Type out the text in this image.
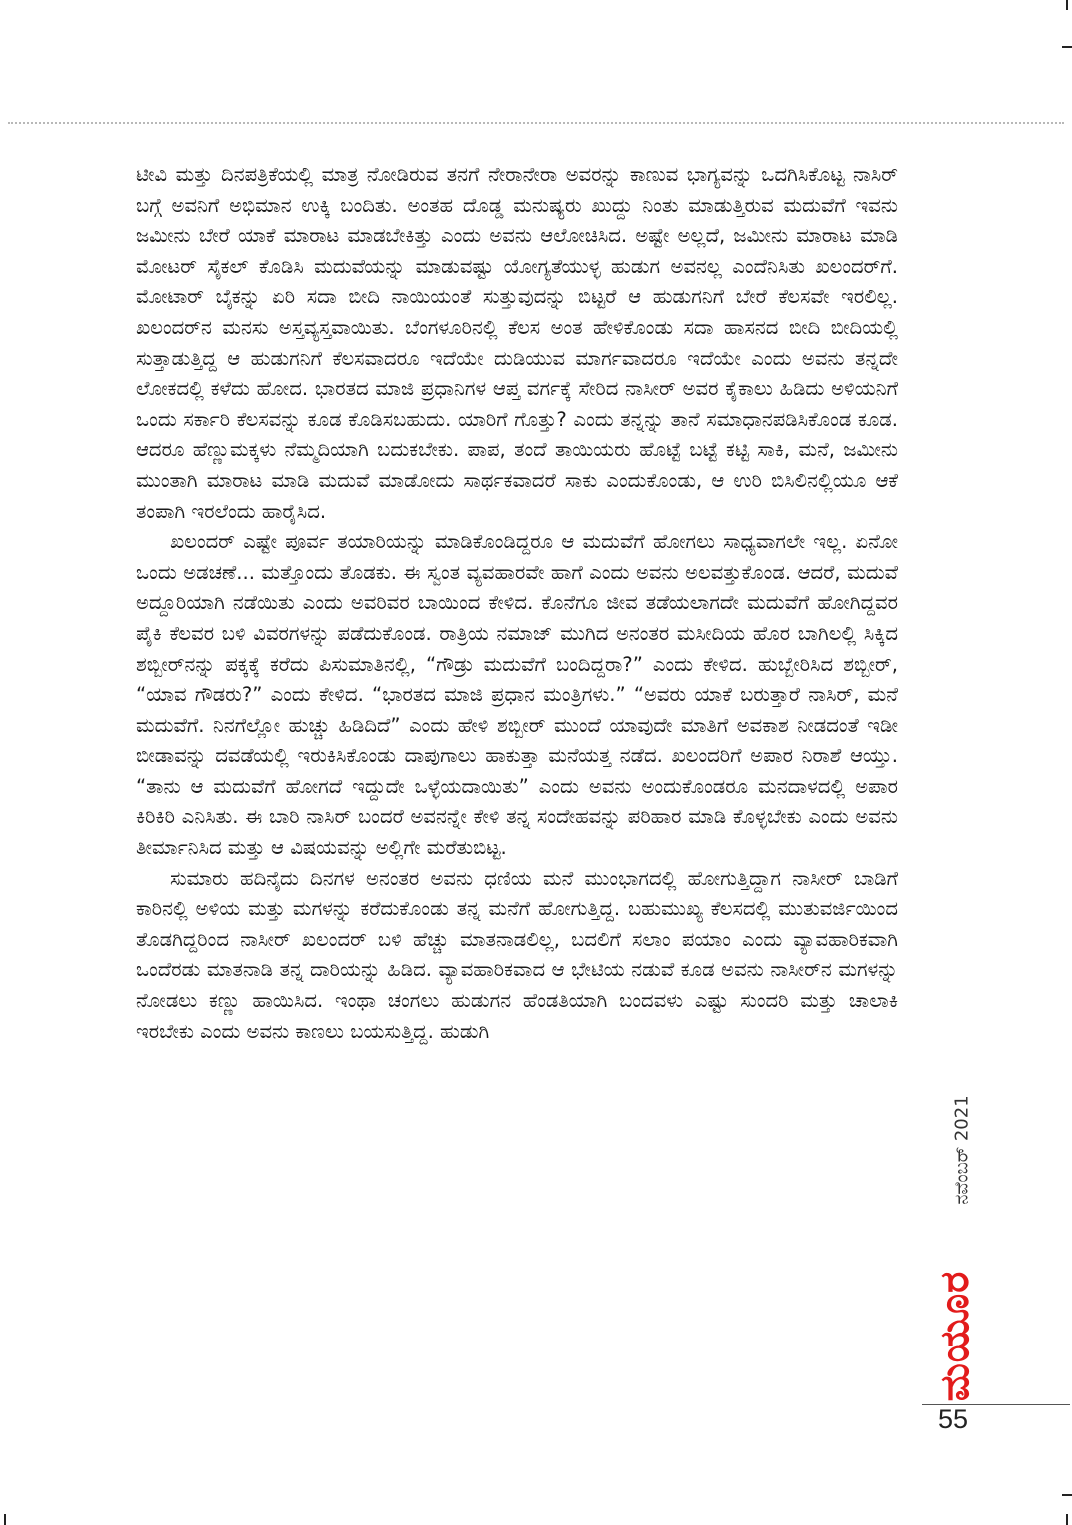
ಟೀವಿ ಮತ್ತು ದಿನಪತ್ರಿಕೆಯಲ್ಲಿ ಮಾತ್ರ ನೋಡಿರುವ ತನಗೆ ನೇರಾನೇರಾ ಅವರನ್ನು ಕಾಣುವ ಭಾಗ್ಯವನ್ನು ಒದಗಿಸಿಕೊಟ್ಟ ನಾಸಿರ್ ಬಗ್ಗೆ ಅವನಿಗೆ ಅಭಿಮಾನ ಉಕ್ಕಿ ಬಂದಿತು. ಅಂತಹ ದೊಡ್ಡ ಮನುಷ್ಯರು ಖುದ್ದು ನಿಂತು ಮಾಡುತ್ತಿರುವ ಮದುವೆಗೆ ಇವನು ಜಮೀನು ಬೇರೆ ಯಾಕೆ ಮಾರಾಟ ಮಾಡಬೇಕಿತ್ತು ಎಂದು ಅವನು ಆಲೋಚಿಸಿದ. ಅಷ್ಟೇ ಅಲ್ಲದೆ, ಜಮೀನು ಮಾರಾಟ ಮಾಡಿ ಮೋಟರ್ ಸೈಕಲ್ ಕೊಡಿಸಿ ಮದುವೆಯನ್ನು ಮಾಡುವಷ್ಟು ಯೋಗ್ಯತೆಯುಳ್ಳ ಹುಡುಗ ಅವನಲ್ಲ ಎಂದೆನಿಸಿತು ಖಲಂದರ್‌ಗೆ. ಮೋಟಾರ್ ಬೈಕನ್ನು ಏರಿ ಸದಾ ಬೀದಿ ನಾಯಿಯಂತೆ ಸುತ್ತುವುದನ್ನು ಬಿಟ್ಟರೆ ಆ ಹುಡುಗನಿಗೆ ಬೇರೆ ಕೆಲಸವೇ ಇರಲಿಲ್ಲ. ಖಲಂದರ್‌ನ ಮನಸು ಅಸ್ತವ್ಯಸ್ತವಾಯಿತು. ಬೆಂಗಳೂರಿನಲ್ಲಿ ಕೆಲಸ ಅಂತ ಹೇಳಿಕೊಂಡು ಸದಾ ಹಾಸನದ ಬೀದಿ ಬೀದಿಯಲ್ಲಿ ಸುತ್ತಾಡುತ್ತಿದ್ದ ಆ ಹುಡುಗನಿಗೆ ಕೆಲಸವಾದರೂ ಇದೆಯೇ ದುಡಿಯುವ ಮಾರ್ಗವಾದರೂ ಇದೆಯೇ ಎಂದು ಅವನು ತನ್ನದೇ ಲೋಕದಲ್ಲಿ ಕಳೆದು ಹೋದ. ಭಾರತದ ಮಾಜಿ ಪ್ರಧಾನಿಗಳ ಆಪ್ತ ವರ್ಗಕ್ಕೆ ಸೇರಿದ ನಾಸೀರ್ ಅವರ ಕೈಕಾಲು ಹಿಡಿದು ಅಳಿಯನಿಗೆ ಒಂದು ಸರ್ಕಾರಿ ಕೆಲಸವನ್ನು ಕೂಡ ಕೊಡಿಸಬಹುದು. ಯಾರಿಗೆ ಗೊತ್ತು? ಎಂದು ತನ್ನನ್ನು ತಾನೆ ಸಮಾಧಾನಪಡಿಸಿಕೊಂಡ ಕೂಡ. ಆದರೂ ಹೆಣ್ಣುಮಕ್ಕಳು ನೆಮ್ಮದಿಯಾಗಿ ಬದುಕಬೇಕು. ಪಾಪ, ತಂದೆ ತಾಯಿಯರು ಹೊಟ್ಟೆ ಬಟ್ಟೆ ಕಟ್ಟಿ ಸಾಕಿ, ಮನೆ, ಜಮೀನು ಮುಂತಾಗಿ ಮಾರಾಟ ಮಾಡಿ ಮದುವೆ ಮಾಡೋದು ಸಾರ್ಥಕವಾದರೆ ಸಾಕು ಎಂದುಕೊಂಡು, ಆ ಉರಿ ಬಿಸಿಲಿನಲ್ಲಿಯೂ ಆಕೆ ತಂಪಾಗಿ ಇರಲೆಂದು ಹಾರೈಸಿದ.

ಖಲಂದರ್ ಎಷ್ಟೇ ಪೂರ್ವ ತಯಾರಿಯನ್ನು ಮಾಡಿಕೊಂಡಿದ್ದರೂ ಆ ಮದುವೆಗೆ ಹೋಗಲು ಸಾಧ್ಯವಾಗಲೇ ಇಲ್ಲ. ಏನೋ ಒಂದು ಅಡಚಣೆ... ಮತ್ತೊಂದು ತೊಡಕು. ಈ ಸ್ವಂತ ವ್ಯವಹಾರವೇ ಹಾಗೆ ಎಂದು ಅವನು ಅಲವತ್ತುಕೊಂಡ. ಆದರೆ, ಮದುವೆ ಅದ್ದೂರಿಯಾಗಿ ನಡೆಯಿತು ಎಂದು ಅವರಿವರ ಬಾಯಿಂದ ಕೇಳಿದ. ಕೊನೆಗೂ ಜೀವ ತಡೆಯಲಾಗದೇ ಮದುವೆಗೆ ಹೋಗಿದ್ದವರ ಪೈಕಿ ಕೆಲವರ ಬಳಿ ವಿವರಗಳನ್ನು ಪಡೆದುಕೊಂಡ. ರಾತ್ರಿಯ ನಮಾಜ್ ಮುಗಿದ ಅನಂತರ ಮಸೀದಿಯ ಹೊರ ಬಾಗಿಲಲ್ಲಿ ಸಿಕ್ಕಿದ ಶಬ್ಬೀರ್‌ನನ್ನು ಪಕ್ಕಕ್ಕೆ ಕರೆದು ಪಿಸುಮಾತಿನಲ್ಲಿ, “ಗೌಡ್ರು ಮದುವೆಗೆ ಬಂದಿದ್ದರಾ?” ಎಂದು ಕೇಳಿದ. ಹುಬ್ಬೇರಿಸಿದ ಶಬ್ಬೀರ್, “ಯಾವ ಗೌಡರು?” ಎಂದು ಕೇಳಿದ. “ಭಾರತದ ಮಾಜಿ ಪ್ರಧಾನ ಮಂತ್ರಿಗಳು.” “ಅವರು ಯಾಕೆ ಬರುತ್ತಾರೆ ನಾಸಿರ್, ಮನೆ ಮದುವೆಗೆ. ನಿನಗೆಲ್ಲೋ ಹುಚ್ಚು ಹಿಡಿದಿದೆ” ಎಂದು ಹೇಳಿ ಶಬ್ಬೀರ್ ಮುಂದೆ ಯಾವುದೇ ಮಾತಿಗೆ ಅವಕಾಶ ನೀಡದಂತೆ ಇಡೀ ಬೀಡಾವನ್ನು ದವಡೆಯಲ್ಲಿ ಇರುಕಿಸಿಕೊಂಡು ದಾಪುಗಾಲು ಹಾಕುತ್ತಾ ಮನೆಯತ್ತ ನಡೆದ. ಖಲಂದರಿಗೆ ಅಪಾರ ನಿರಾಶೆ ಆಯ್ತು. “ತಾನು ಆ ಮದುವೆಗೆ ಹೋಗದೆ ಇದ್ದುದೇ ಒಳ್ಳೆಯದಾಯಿತು” ಎಂದು ಅವನು ಅಂದುಕೊಂಡರೂ ಮನದಾಳದಲ್ಲಿ ಅಪಾರ ಕಿರಿಕಿರಿ ಎನಿಸಿತು. ಈ ಬಾರಿ ನಾಸಿರ್ ಬಂದರೆ ಅವನನ್ನೇ ಕೇಳಿ ತನ್ನ ಸಂದೇಹವನ್ನು ಪರಿಹಾರ ಮಾಡಿ ಕೊಳ್ಳಬೇಕು ಎಂದು ಅವನು ತೀರ್ಮಾನಿಸಿದ ಮತ್ತು ಆ ವಿಷಯವನ್ನು ಅಲ್ಲಿಗೇ ಮರೆತುಬಿಟ್ಟ.

ಸುಮಾರು ಹದಿನೈದು ದಿನಗಳ ಅನಂತರ ಅವನು ಧಣಿಯ ಮನೆ ಮುಂಭಾಗದಲ್ಲಿ ಹೋಗುತ್ತಿದ್ದಾಗ ನಾಸೀರ್ ಬಾಡಿಗೆ ಕಾರಿನಲ್ಲಿ ಅಳಿಯ ಮತ್ತು ಮಗಳನ್ನು ಕರೆದುಕೊಂಡು ತನ್ನ ಮನೆಗೆ ಹೋಗುತ್ತಿದ್ದ. ಬಹುಮುಖ್ಯ ಕೆಲಸದಲ್ಲಿ ಮುತುವರ್ಜಿಯಿಂದ ತೊಡಗಿದ್ದರಿಂದ ನಾಸೀರ್ ಖಲಂದರ್ ಬಳಿ ಹೆಚ್ಚು ಮಾತನಾಡಲಿಲ್ಲ, ಬದಲಿಗೆ ಸಲಾಂ ಪಯಾಂ ಎಂದು ವ್ಯಾವಹಾರಿಕವಾಗಿ ಒಂದೆರಡು ಮಾತನಾಡಿ ತನ್ನ ದಾರಿಯನ್ನು ಹಿಡಿದ. ವ್ಯಾವಹಾರಿಕವಾದ ಆ ಭೇಟಿಯ ನಡುವೆ ಕೂಡ ಅವನು ನಾಸೀರ್‌ನ ಮಗಳನ್ನು ನೋಡಲು ಕಣ್ಣು ಹಾಯಿಸಿದ. ಇಂಥಾ ಚಂಗಲು ಹುಡುಗನ ಹೆಂಡತಿಯಾಗಿ ಬಂದವಳು ಎಷ್ಟು ಸುಂದರಿ ಮತ್ತು ಚಾಲಾಕಿ ಇರಬೇಕು ಎಂದು ಅವನು ಕಾಣಲು ಬಯಸುತ್ತಿದ್ದ. ಹುಡುಗಿ

ನವೆಂಬರ್ 2021
ಮಯೂರ
55
